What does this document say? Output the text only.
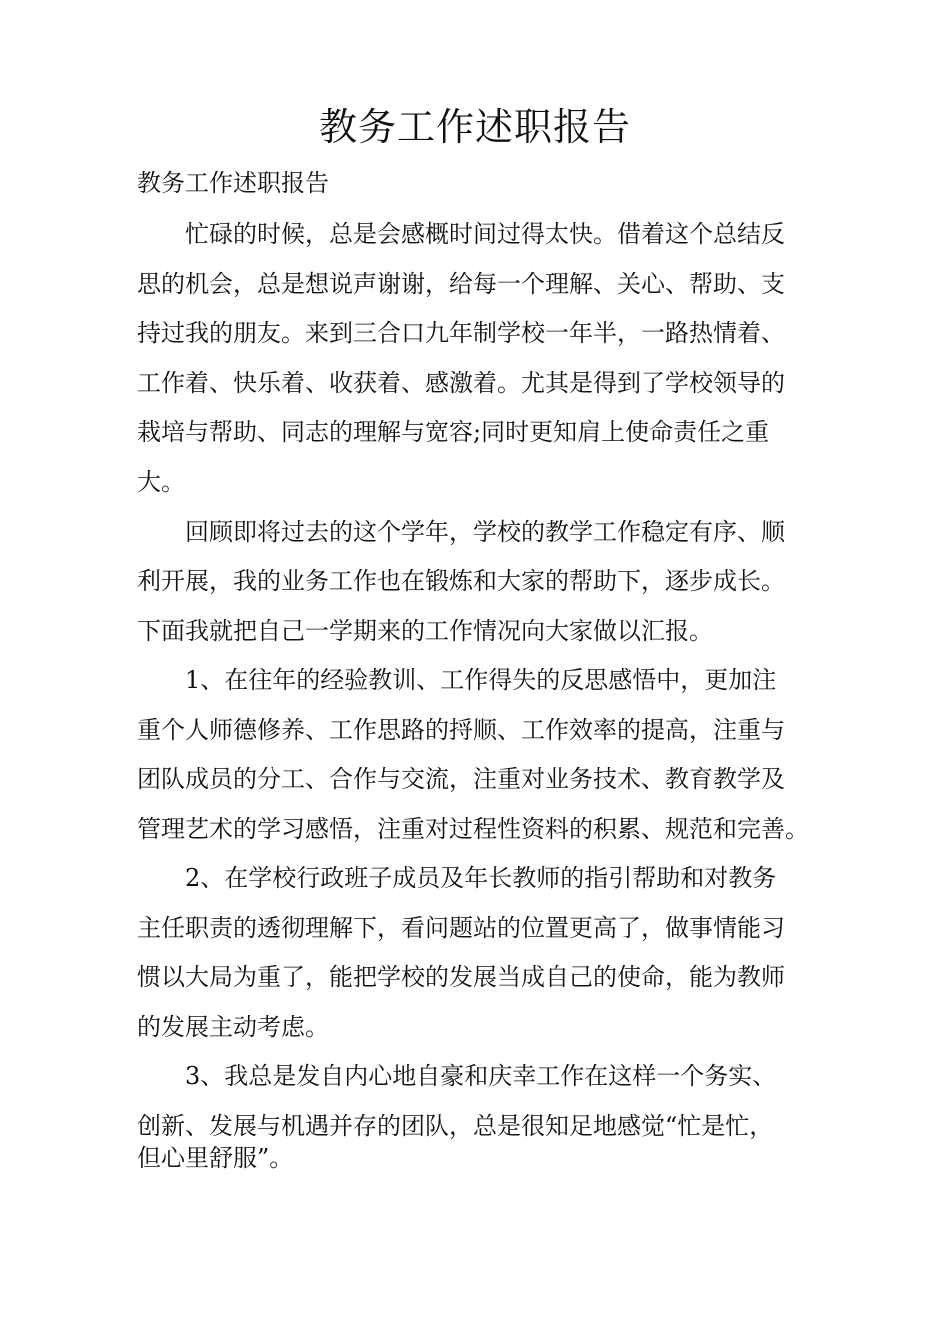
教务工作述职报告
教务工作述职报告
　　忙碌的时候，总是会感概时间过得太快。借着这个总结反
思的机会，总是想说声谢谢，给每一个理解、关心、帮助、支
持过我的朋友。来到三合口九年制学校一年半，一路热情着、
工作着、快乐着、收获着、感激着。尤其是得到了学校领导的
栽培与帮助、同志的理解与宽容;同时更知肩上使命责任之重
大。
　　回顾即将过去的这个学年，学校的教学工作稳定有序、顺
利开展，我的业务工作也在锻炼和大家的帮助下，逐步成长。
下面我就把自己一学期来的工作情况向大家做以汇报。
　　1、在往年的经验教训、工作得失的反思感悟中，更加注
重个人师德修养、工作思路的捋顺、工作效率的提高，注重与
团队成员的分工、合作与交流，注重对业务技术、教育教学及
管理艺术的学习感悟，注重对过程性资料的积累、规范和完善。
　　2、在学校行政班子成员及年长教师的指引帮助和对教务
主任职责的透彻理解下，看问题站的位置更高了，做事情能习
惯以大局为重了，能把学校的发展当成自己的使命，能为教师
的发展主动考虑。
　　3、我总是发自内心地自豪和庆幸工作在这样一个务实、
创新、发展与机遇并存的团队，总是很知足地感觉“忙是忙，
但心里舒服”。
